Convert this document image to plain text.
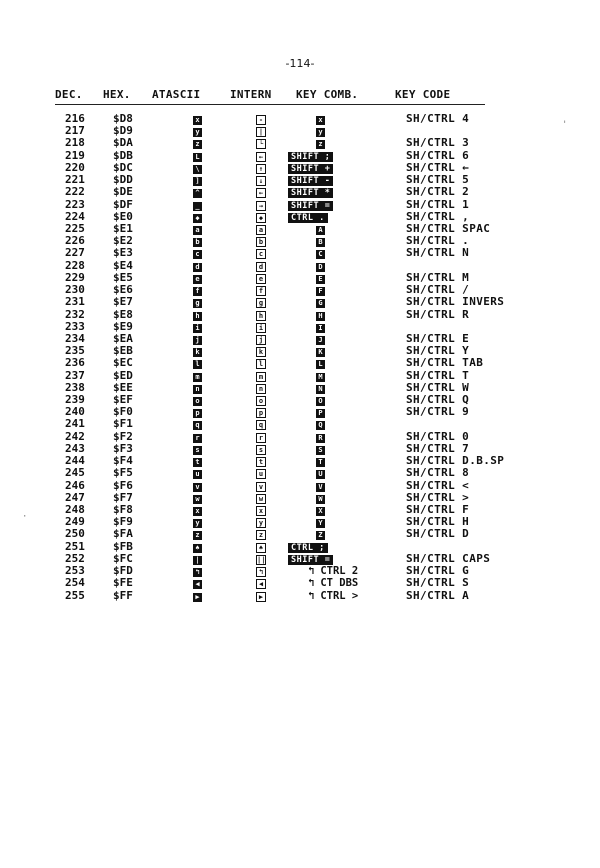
-114-
DEC. HEX. ATASCII	INTERN KEY COMB.	KEY CODE
216	$D8	x	-	x	SH/CTRL 4
217	$D9	y	|	y
218	$DA	z	└	z	SH/CTRL 3
219	$DB	L	←	SHIFT ;	SH/CTRL 6
220	$DC	\	↑	SHIFT +	SH/CTRL ←
221	$DD	]	↓	SHIFT -	SH/CTRL 5
222	$DE	^	←	SHIFT *	SH/CTRL 2
223	$DF	_	→	SHIFT =	SH/CTRL 1
224	$E0	◆	◆	CTRL .	SH/CTRL ,
225	$E1	a	a	A	SH/CTRL SPAC
226	$E2	b	b	B	SH/CTRL .
227	$E3	c	c	C	SH/CTRL N
228	$E4	d	d	D
229	$E5	e	e	E	SH/CTRL M
230	$E6	f	f	F	SH/CTRL /
231	$E7	g	g	G	SH/CTRL INVERS
232	$E8	h	h	H	SH/CTRL R
233	$E9	i	i	I
234	$EA	j	j	J	SH/CTRL E
235	$EB	k	k	K	SH/CTRL Y
236	$EC	l	l	L	SH/CTRL TAB
237	$ED	m	m	M	SH/CTRL T
238	$EE	n	n	N	SH/CTRL W
239	$EF	o	o	O	SH/CTRL Q
240	$F0	p	p	P	SH/CTRL 9
241	$F1	q	q	Q
242	$F2	r	r	R	SH/CTRL 0
243	$F3	s	s	S	SH/CTRL 7
244	$F4	t	t	T	SH/CTRL D.B.SP
245	$F5	u	u	U	SH/CTRL 8
246	$F6	v	v	V	SH/CTRL <
247	$F7	w	w	W	SH/CTRL >
248	$F8	x	x	X	SH/CTRL F
249	$F9	y	y	Y	SH/CTRL H
250	$FA	z	z	Z	SH/CTRL D
251	$FB	♠	♠	CTRL ;
252	$FC	|	||	SHIFT =	SH/CTRL CAPS
253	$FD	↰	↰	↰ CTRL 2	SH/CTRL G
254	$FE	◀	◀	↰ CT DBS	SH/CTRL S
255	$FF	▶	▶	↰ CTRL >	SH/CTRL A
·
'
